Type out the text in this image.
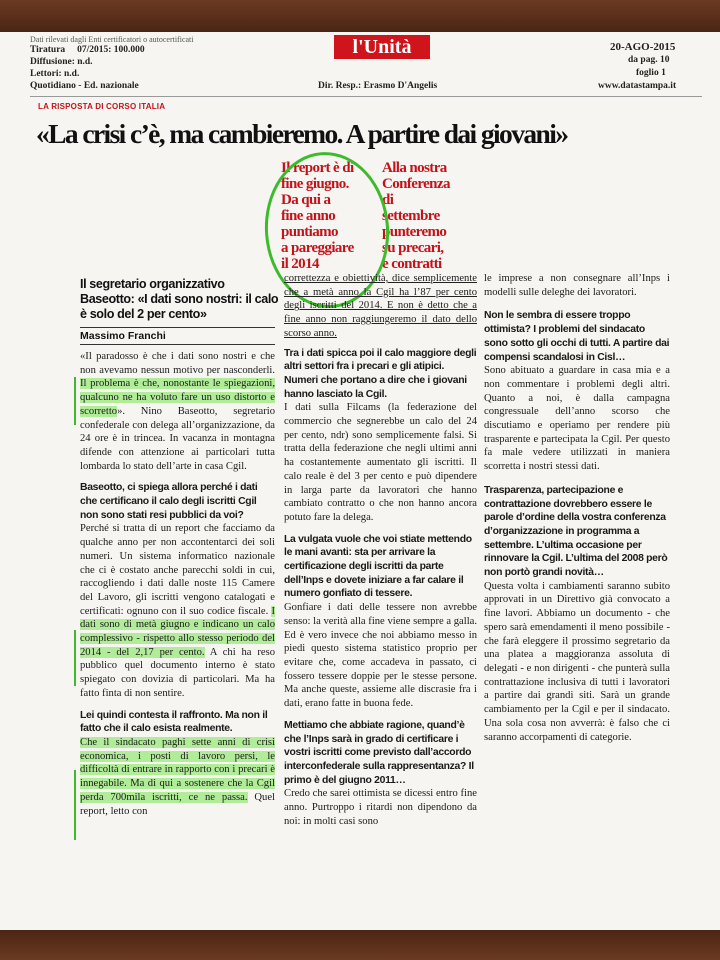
Dati rilevati dagli Enti certificatori o autocertificati
Tiratura 07/2015: 100.000
Diffusione: n.d.
Lettori: n.d.
Quotidiano - Ed. nazionale
l'Unità
Dir. Resp.: Erasmo D'Angelis
20-AGO-2015
da pag. 10
foglio 1
www.datastampa.it
LA RISPOSTA DI CORSO ITALIA
«La crisi c’è, ma cambieremo. A partire dai giovani»
Il report è di
fine giugno.
Da qui a
fine anno
puntiamo
a pareggiare
il 2014
Alla nostra
Conferenza
di
settembre
punteremo
su precari,
e contratti
Il segretario organizzativo Baseotto: «I dati sono nostri: il calo è solo del 2 per cento»
Massimo Franchi

«Il paradosso è che i dati sono nostri e che non avevamo nessun motivo per nasconderli. Il problema è che, nonostante le spiegazioni, qualcuno ne ha voluto fare un uso distorto e scorretto». Nino Baseotto, segretario confederale con delega all’organizzazione, da 24 ore è in trincea. In vacanza in montagna difende con attenzione ai particolari tutta lombarda lo stato dell’arte in casa Cgil.

Baseotto, ci spiega allora perché i dati che certificano il calo degli iscritti Cgil non sono stati resi pubblici da voi?

Perché si tratta di un report che facciamo da qualche anno per non accontentarci dei soli numeri. Un sistema informatico nazionale che ci è costato anche parecchi soldi in cui, raccogliendo i dati dalle noste 115 Camere del Lavoro, gli iscritti vengono catalogati e certificati: ognuno con il suo codice fiscale. I dati sono di metà giugno e indicano un calo complessivo - rispetto allo stesso periodo del 2014 - del 2,17 per cento. A chi ha reso pubblico quel documento interno è stato spiegato con dovizia di particolari. Ma ha fatto finta di non sentire.

Lei quindi contesta il raffronto. Ma non il fatto che il calo esista realmente.

Che il sindacato paghi sette anni di crisi economica, i posti di lavoro persi, le difficoltà di entrare in rapporto con i precari è innegabile. Ma di qui a sostenere che la Cgil perda 700mila iscritti, ce ne passa. Quel report, letto con

correttezza e obiettività, dice semplicemente che a metà anno la Cgil ha l’87 per cento degli iscritti del 2014. E non è detto che a fine anno non raggiungeremo il dato dello scorso anno.

Tra i dati spicca poi il calo maggiore degli altri settori fra i precari e gli atipici. Numeri che portano a dire che i giovani hanno lasciato la Cgil.

I dati sulla Filcams (la federazione del commercio che segnerebbe un calo del 24 per cento, ndr) sono semplicemente falsi. Si tratta della federazione che negli ultimi anni ha costantemente aumentato gli iscritti. Il calo reale è del 3 per cento e può dipendere in larga parte da lavoratori che hanno cambiato contratto o che non hanno ancora potuto fare la delega.

La vulgata vuole che voi stiate mettendo le mani avanti: sta per arrivare la certificazione degli iscritti da parte dell’Inps e dovete iniziare a far calare il numero gonfiato di tessere.

Gonfiare i dati delle tessere non avrebbe senso: la verità alla fine viene sempre a galla. Ed è vero invece che noi abbiamo messo in piedi questo sistema statistico proprio per evitare che, come accadeva in passato, ci fossero tessere doppie per le stesse persone. Ma anche queste, assieme alle discrasie fra i dati, erano fatte in buona fede.

Mettiamo che abbiate ragione, quand’è che l’Inps sarà in grado di certificare i vostri iscritti come previsto dall’accordo interconfederale sulla rappresentanza? Il primo è del giugno 2011…

Credo che sarei ottimista se dicessi entro fine anno. Purtroppo i ritardi non dipendono da noi: in molti casi sono

le imprese a non consegnare all’Inps i modelli sulle deleghe dei lavoratori.

Non le sembra di essere troppo ottimista? I problemi del sindacato sono sotto gli occhi di tutti. A partire dai compensi scandalosi in Cisl…

Sono abituato a guardare in casa mia e a non commentare i problemi degli altri. Quanto a noi, è dalla campagna congressuale dell’anno scorso che discutiamo e operiamo per rendere più trasparente e partecipata la Cgil. Per questo fa male vedere utilizzati in maniera scorretta i nostri stessi dati.

Trasparenza, partecipazione e contrattazione dovrebbero essere le parole d’ordine della vostra conferenza d’organizzazione in programma a settembre. L’ultima occasione per rinnovare la Cgil. L’ultima del 2008 però non portò grandi novità…

Questa volta i cambiamenti saranno subito approvati in un Direttivo già convocato a fine lavori. Abbiamo un documento - che spero sarà emendamenti il meno possibile - che farà eleggere il prossimo segretario da una platea a maggioranza assoluta di delegati - e non dirigenti - che punterà sulla contrattazione inclusiva di tutti i lavoratori a partire dai grandi siti. Sarà un grande cambiamento per la Cgil e per il sindacato. Una sola cosa non avverrà: è falso che ci saranno accorpamenti di categorie.
